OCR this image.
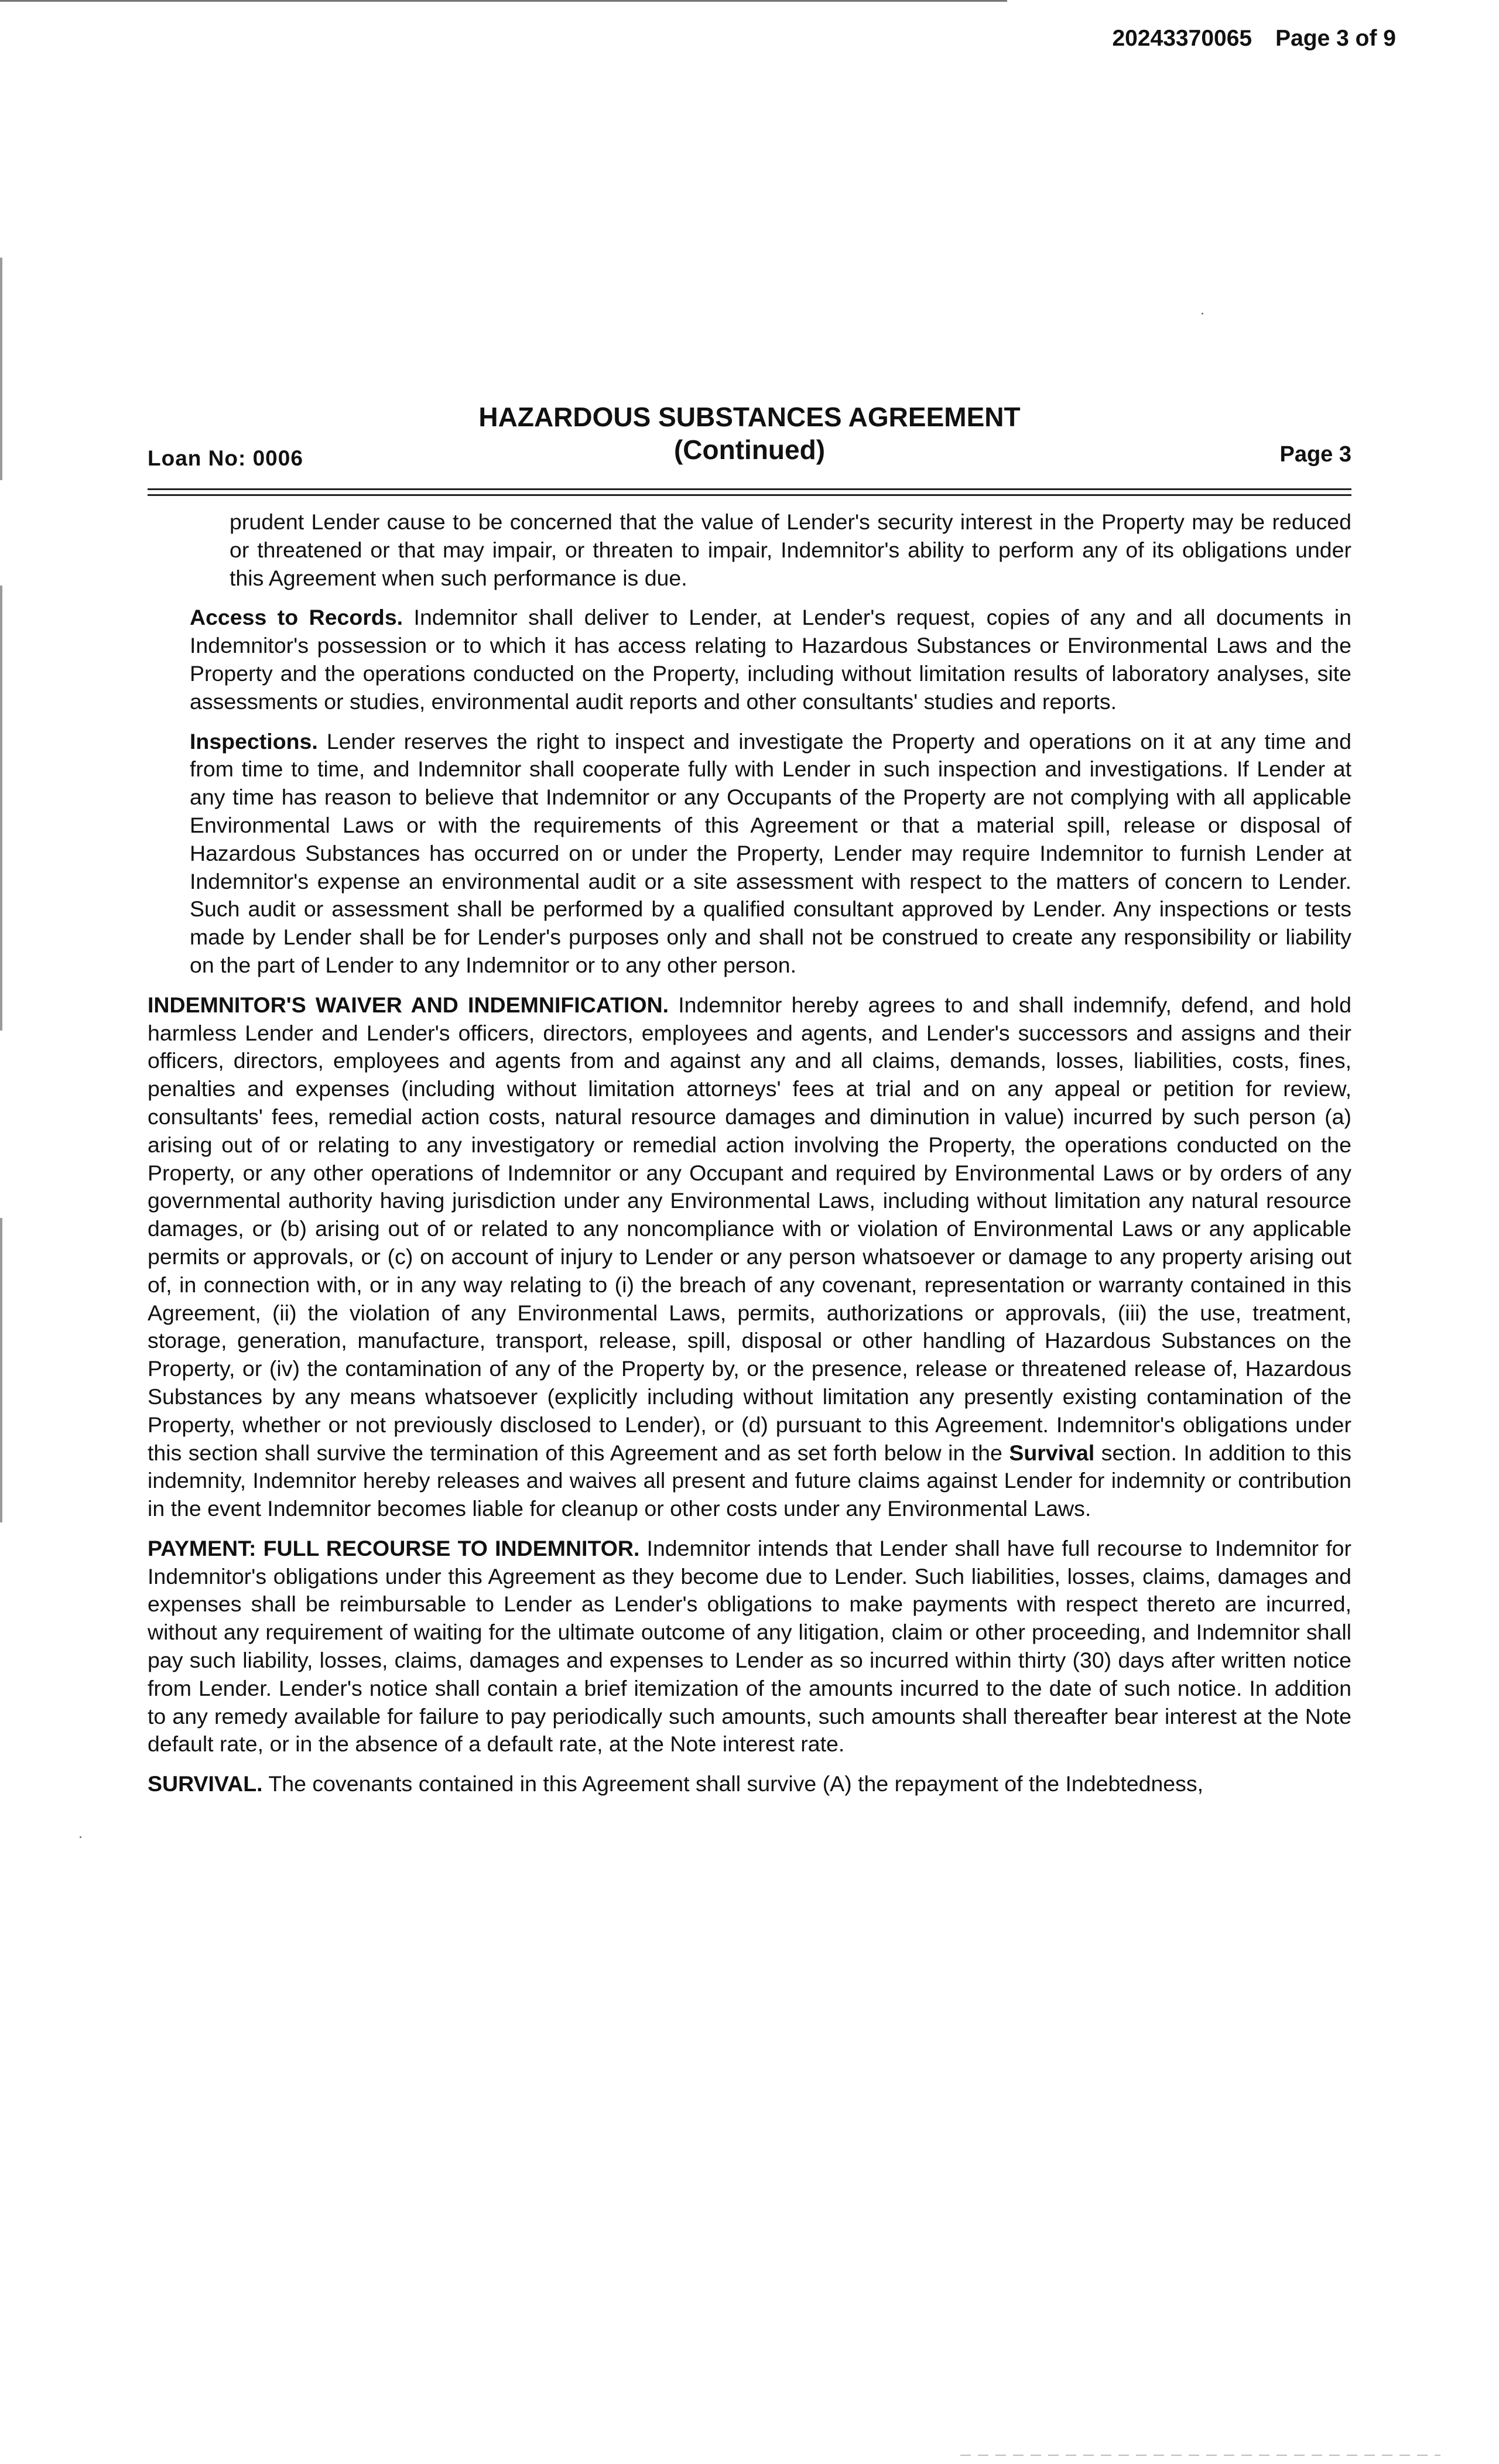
20243370065 Page 3 of 9
HAZARDOUS SUBSTANCES AGREEMENT
(Continued)
Loan No: 0006	Page 3

prudent Lender cause to be concerned that the value of Lender's security interest in the Property may be reduced or threatened or that may impair, or threaten to impair, Indemnitor's ability to perform any of its obligations under this Agreement when such performance is due.

Access to Records. Indemnitor shall deliver to Lender, at Lender's request, copies of any and all documents in Indemnitor's possession or to which it has access relating to Hazardous Substances or Environmental Laws and the Property and the operations conducted on the Property, including without limitation results of laboratory analyses, site assessments or studies, environmental audit reports and other consultants' studies and reports.

Inspections. Lender reserves the right to inspect and investigate the Property and operations on it at any time and from time to time, and Indemnitor shall cooperate fully with Lender in such inspection and investigations. If Lender at any time has reason to believe that Indemnitor or any Occupants of the Property are not complying with all applicable Environmental Laws or with the requirements of this Agreement or that a material spill, release or disposal of Hazardous Substances has occurred on or under the Property, Lender may require Indemnitor to furnish Lender at Indemnitor's expense an environmental audit or a site assessment with respect to the matters of concern to Lender. Such audit or assessment shall be performed by a qualified consultant approved by Lender. Any inspections or tests made by Lender shall be for Lender's purposes only and shall not be construed to create any responsibility or liability on the part of Lender to any Indemnitor or to any other person.

INDEMNITOR'S WAIVER AND INDEMNIFICATION. Indemnitor hereby agrees to and shall indemnify, defend, and hold harmless Lender and Lender's officers, directors, employees and agents, and Lender's successors and assigns and their officers, directors, employees and agents from and against any and all claims, demands, losses, liabilities, costs, fines, penalties and expenses (including without limitation attorneys' fees at trial and on any appeal or petition for review, consultants' fees, remedial action costs, natural resource damages and diminution in value) incurred by such person (a) arising out of or relating to any investigatory or remedial action involving the Property, the operations conducted on the Property, or any other operations of Indemnitor or any Occupant and required by Environmental Laws or by orders of any governmental authority having jurisdiction under any Environmental Laws, including without limitation any natural resource damages, or (b) arising out of or related to any noncompliance with or violation of Environmental Laws or any applicable permits or approvals, or (c) on account of injury to Lender or any person whatsoever or damage to any property arising out of, in connection with, or in any way relating to (i) the breach of any covenant, representation or warranty contained in this Agreement, (ii) the violation of any Environmental Laws, permits, authorizations or approvals, (iii) the use, treatment, storage, generation, manufacture, transport, release, spill, disposal or other handling of Hazardous Substances on the Property, or (iv) the contamination of any of the Property by, or the presence, release or threatened release of, Hazardous Substances by any means whatsoever (explicitly including without limitation any presently existing contamination of the Property, whether or not previously disclosed to Lender), or (d) pursuant to this Agreement. Indemnitor's obligations under this section shall survive the termination of this Agreement and as set forth below in the Survival section. In addition to this indemnity, Indemnitor hereby releases and waives all present and future claims against Lender for indemnity or contribution in the event Indemnitor becomes liable for cleanup or other costs under any Environmental Laws.

PAYMENT: FULL RECOURSE TO INDEMNITOR. Indemnitor intends that Lender shall have full recourse to Indemnitor for Indemnitor's obligations under this Agreement as they become due to Lender. Such liabilities, losses, claims, damages and expenses shall be reimbursable to Lender as Lender's obligations to make payments with respect thereto are incurred, without any requirement of waiting for the ultimate outcome of any litigation, claim or other proceeding, and Indemnitor shall pay such liability, losses, claims, damages and expenses to Lender as so incurred within thirty (30) days after written notice from Lender. Lender's notice shall contain a brief itemization of the amounts incurred to the date of such notice. In addition to any remedy available for failure to pay periodically such amounts, such amounts shall thereafter bear interest at the Note default rate, or in the absence of a default rate, at the Note interest rate.

SURVIVAL. The covenants contained in this Agreement shall survive (A) the repayment of the Indebtedness,
